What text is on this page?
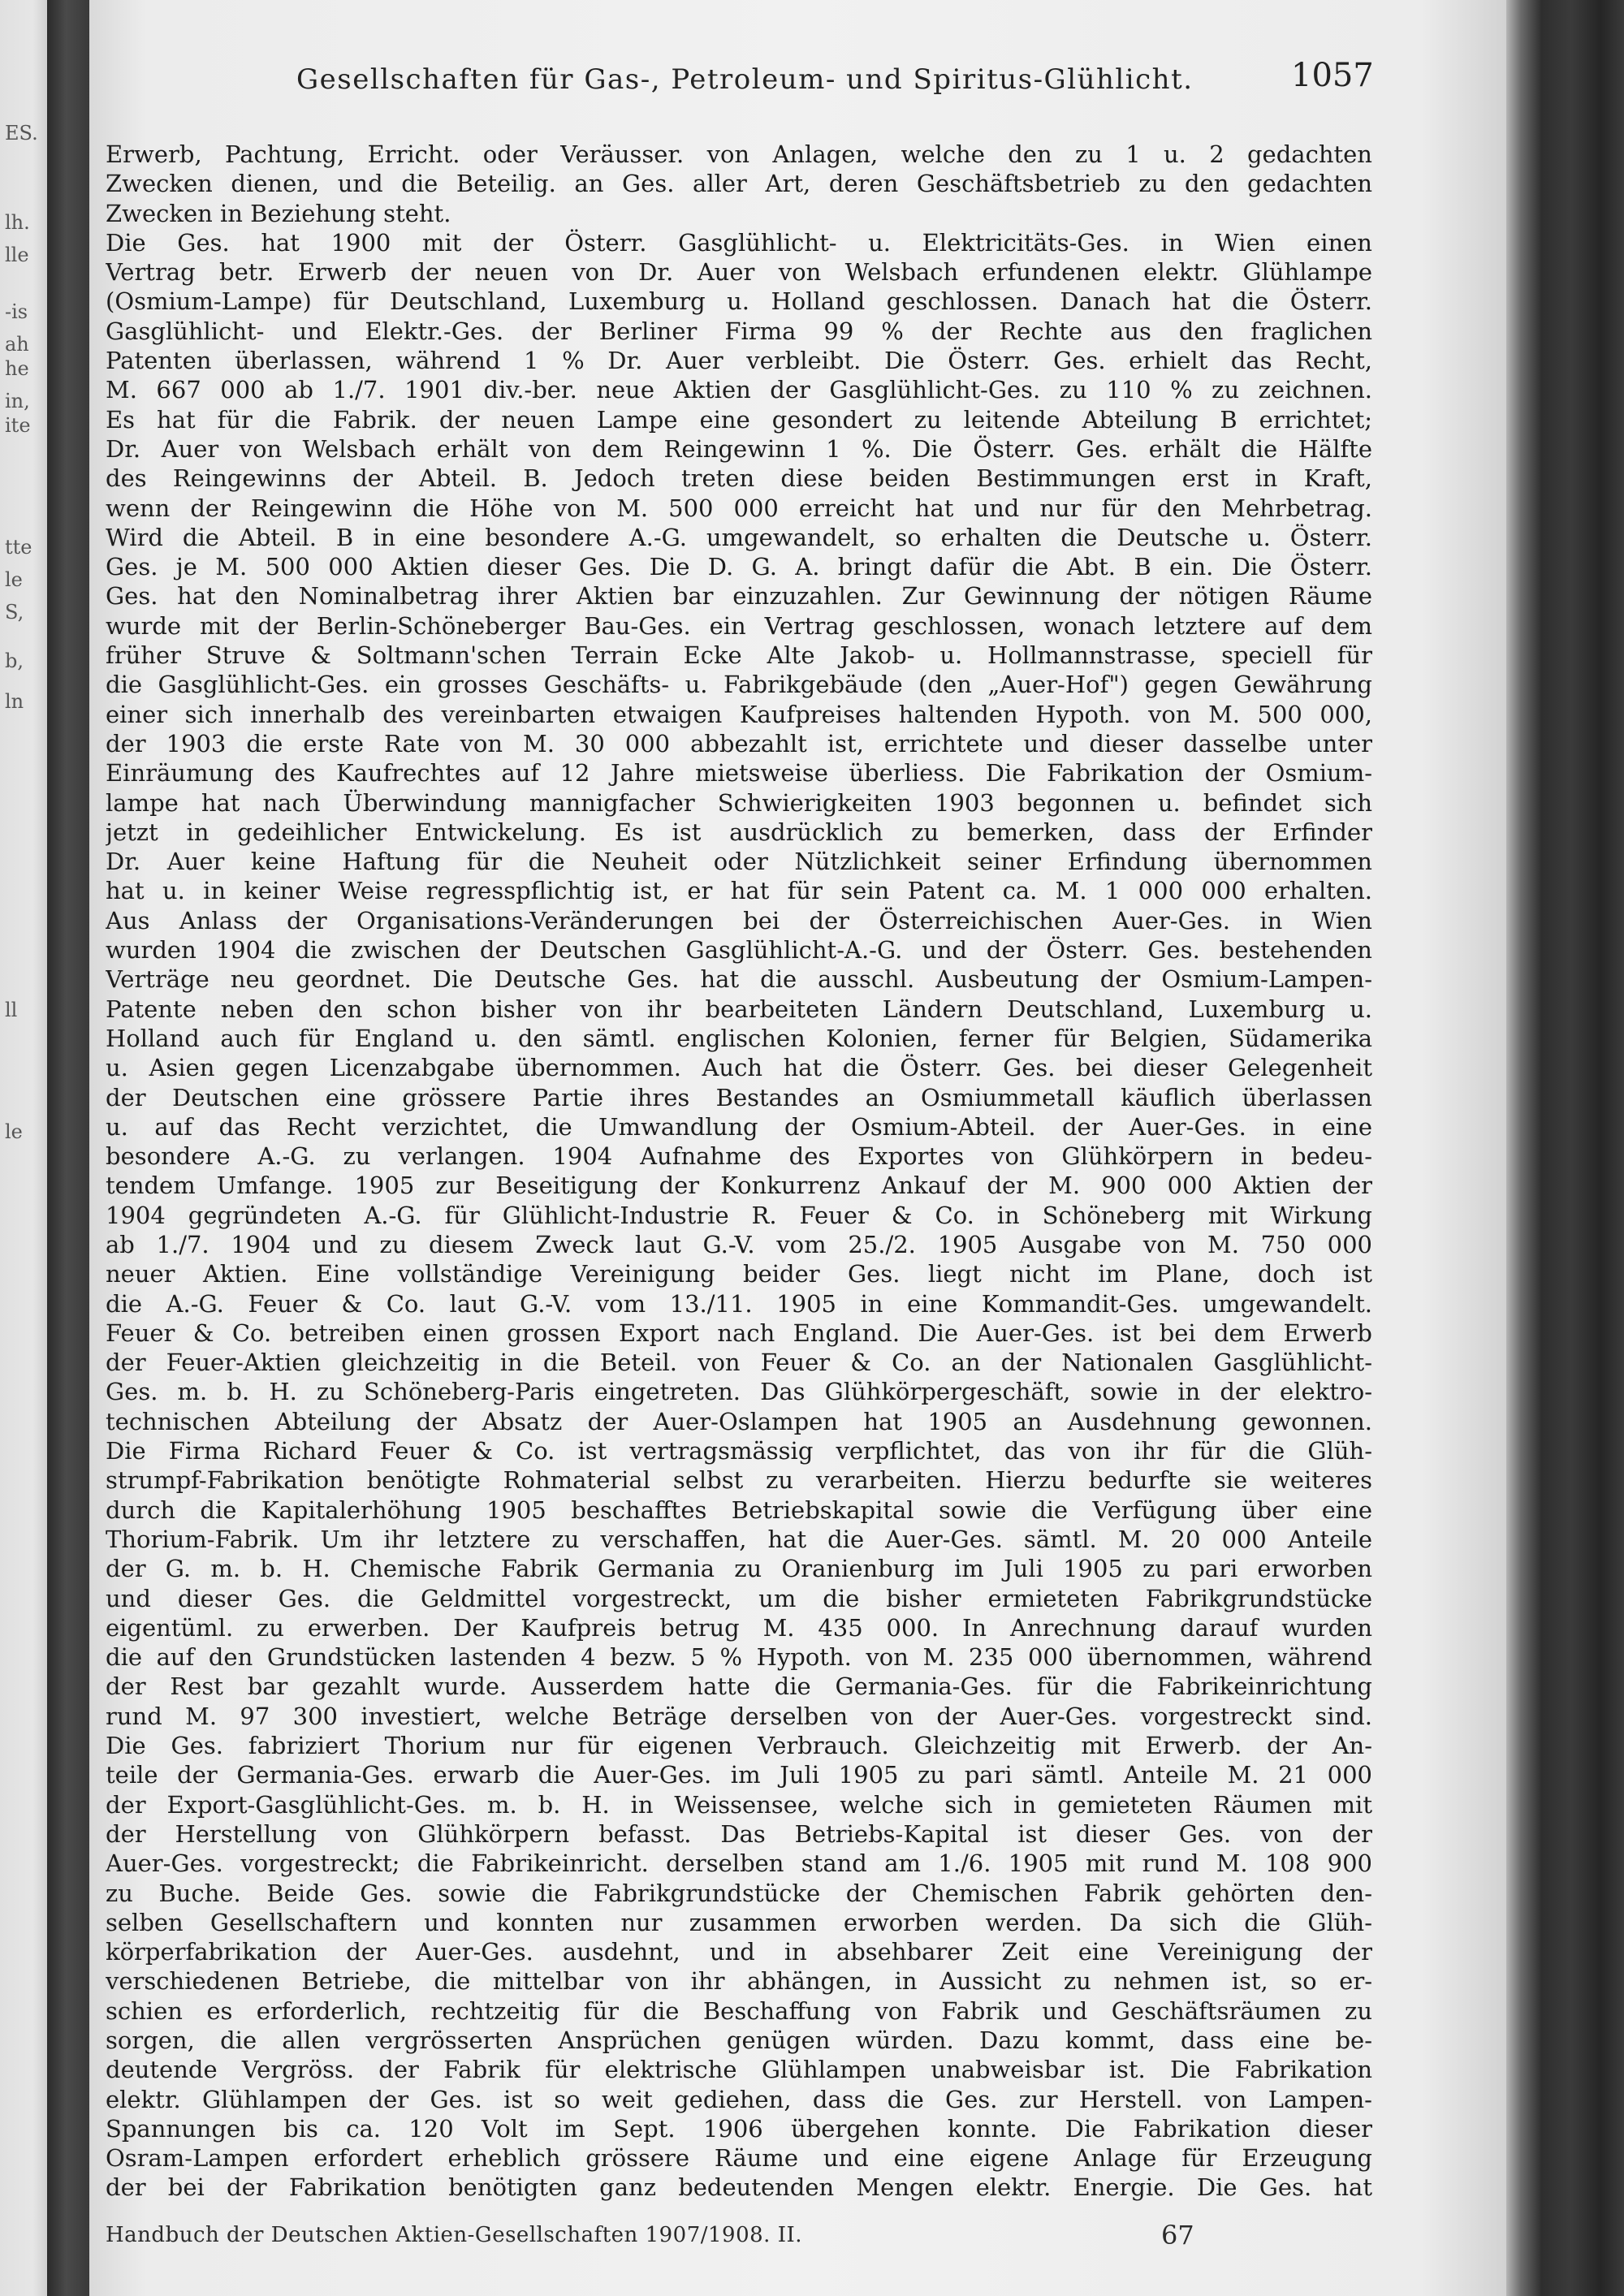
ES.
lh.
lle
-is
ah
he
in,
ite
tte
le
S,
b,
ln
ll
le
Gesellschaften für Gas-, Petroleum- und Spiritus-Glühlicht.	1057
Erwerb, Pachtung, Erricht. oder Veräusser. von Anlagen, welche den zu 1 u. 2 gedachten
Zwecken dienen, und die Beteilig. an Ges. aller Art, deren Geschäftsbetrieb zu den gedachten
Zwecken in Beziehung steht.
Die Ges. hat 1900 mit der Österr. Gasglühlicht- u. Elektricitäts-Ges. in Wien einen
Vertrag betr. Erwerb der neuen von Dr. Auer von Welsbach erfundenen elektr. Glühlampe
(Osmium-Lampe) für Deutschland, Luxemburg u. Holland geschlossen. Danach hat die Österr.
Gasglühlicht- und Elektr.-Ges. der Berliner Firma 99 % der Rechte aus den fraglichen
Patenten überlassen, während 1 % Dr. Auer verbleibt. Die Österr. Ges. erhielt das Recht,
M. 667 000 ab 1./7. 1901 div.-ber. neue Aktien der Gasglühlicht-Ges. zu 110 % zu zeichnen.
Es hat für die Fabrik. der neuen Lampe eine gesondert zu leitende Abteilung B errichtet;
Dr. Auer von Welsbach erhält von dem Reingewinn 1 %. Die Österr. Ges. erhält die Hälfte
des Reingewinns der Abteil. B. Jedoch treten diese beiden Bestimmungen erst in Kraft,
wenn der Reingewinn die Höhe von M. 500 000 erreicht hat und nur für den Mehrbetrag.
Wird die Abteil. B in eine besondere A.-G. umgewandelt, so erhalten die Deutsche u. Österr.
Ges. je M. 500 000 Aktien dieser Ges. Die D. G. A. bringt dafür die Abt. B ein. Die Österr.
Ges. hat den Nominalbetrag ihrer Aktien bar einzuzahlen. Zur Gewinnung der nötigen Räume
wurde mit der Berlin-Schöneberger Bau-Ges. ein Vertrag geschlossen, wonach letztere auf dem
früher Struve & Soltmann'schen Terrain Ecke Alte Jakob- u. Hollmannstrasse, speciell für
die Gasglühlicht-Ges. ein grosses Geschäfts- u. Fabrikgebäude (den „Auer-Hof") gegen Gewährung
einer sich innerhalb des vereinbarten etwaigen Kaufpreises haltenden Hypoth. von M. 500 000,
der 1903 die erste Rate von M. 30 000 abbezahlt ist, errichtete und dieser dasselbe unter
Einräumung des Kaufrechtes auf 12 Jahre mietsweise überliess. Die Fabrikation der Osmium-
lampe hat nach Überwindung mannigfacher Schwierigkeiten 1903 begonnen u. befindet sich
jetzt in gedeihlicher Entwickelung. Es ist ausdrücklich zu bemerken, dass der Erfinder
Dr. Auer keine Haftung für die Neuheit oder Nützlichkeit seiner Erfindung übernommen
hat u. in keiner Weise regresspflichtig ist, er hat für sein Patent ca. M. 1 000 000 erhalten.
Aus Anlass der Organisations-Veränderungen bei der Österreichischen Auer-Ges. in Wien
wurden 1904 die zwischen der Deutschen Gasglühlicht-A.-G. und der Österr. Ges. bestehenden
Verträge neu geordnet. Die Deutsche Ges. hat die ausschl. Ausbeutung der Osmium-Lampen-
Patente neben den schon bisher von ihr bearbeiteten Ländern Deutschland, Luxemburg u.
Holland auch für England u. den sämtl. englischen Kolonien, ferner für Belgien, Südamerika
u. Asien gegen Licenzabgabe übernommen. Auch hat die Österr. Ges. bei dieser Gelegenheit
der Deutschen eine grössere Partie ihres Bestandes an Osmiummetall käuflich überlassen
u. auf das Recht verzichtet, die Umwandlung der Osmium-Abteil. der Auer-Ges. in eine
besondere A.-G. zu verlangen. 1904 Aufnahme des Exportes von Glühkörpern in bedeu-
tendem Umfange. 1905 zur Beseitigung der Konkurrenz Ankauf der M. 900 000 Aktien der
1904 gegründeten A.-G. für Glühlicht-Industrie R. Feuer & Co. in Schöneberg mit Wirkung
ab 1./7. 1904 und zu diesem Zweck laut G.-V. vom 25./2. 1905 Ausgabe von M. 750 000
neuer Aktien. Eine vollständige Vereinigung beider Ges. liegt nicht im Plane, doch ist
die A.-G. Feuer & Co. laut G.-V. vom 13./11. 1905 in eine Kommandit-Ges. umgewandelt.
Feuer & Co. betreiben einen grossen Export nach England. Die Auer-Ges. ist bei dem Erwerb
der Feuer-Aktien gleichzeitig in die Beteil. von Feuer & Co. an der Nationalen Gasglühlicht-
Ges. m. b. H. zu Schöneberg-Paris eingetreten. Das Glühkörpergeschäft, sowie in der elektro-
technischen Abteilung der Absatz der Auer-Oslampen hat 1905 an Ausdehnung gewonnen.
Die Firma Richard Feuer & Co. ist vertragsmässig verpflichtet, das von ihr für die Glüh-
strumpf-Fabrikation benötigte Rohmaterial selbst zu verarbeiten. Hierzu bedurfte sie weiteres
durch die Kapitalerhöhung 1905 beschafftes Betriebskapital sowie die Verfügung über eine
Thorium-Fabrik. Um ihr letztere zu verschaffen, hat die Auer-Ges. sämtl. M. 20 000 Anteile
der G. m. b. H. Chemische Fabrik Germania zu Oranienburg im Juli 1905 zu pari erworben
und dieser Ges. die Geldmittel vorgestreckt, um die bisher ermieteten Fabrikgrundstücke
eigentüml. zu erwerben. Der Kaufpreis betrug M. 435 000. In Anrechnung darauf wurden
die auf den Grundstücken lastenden 4 bezw. 5 % Hypoth. von M. 235 000 übernommen, während
der Rest bar gezahlt wurde. Ausserdem hatte die Germania-Ges. für die Fabrikeinrichtung
rund M. 97 300 investiert, welche Beträge derselben von der Auer-Ges. vorgestreckt sind.
Die Ges. fabriziert Thorium nur für eigenen Verbrauch. Gleichzeitig mit Erwerb. der An-
teile der Germania-Ges. erwarb die Auer-Ges. im Juli 1905 zu pari sämtl. Anteile M. 21 000
der Export-Gasglühlicht-Ges. m. b. H. in Weissensee, welche sich in gemieteten Räumen mit
der Herstellung von Glühkörpern befasst. Das Betriebs-Kapital ist dieser Ges. von der
Auer-Ges. vorgestreckt; die Fabrikeinricht. derselben stand am 1./6. 1905 mit rund M. 108 900
zu Buche. Beide Ges. sowie die Fabrikgrundstücke der Chemischen Fabrik gehörten den-
selben Gesellschaftern und konnten nur zusammen erworben werden. Da sich die Glüh-
körperfabrikation der Auer-Ges. ausdehnt, und in absehbarer Zeit eine Vereinigung der
verschiedenen Betriebe, die mittelbar von ihr abhängen, in Aussicht zu nehmen ist, so er-
schien es erforderlich, rechtzeitig für die Beschaffung von Fabrik und Geschäftsräumen zu
sorgen, die allen vergrösserten Ansprüchen genügen würden. Dazu kommt, dass eine be-
deutende Vergröss. der Fabrik für elektrische Glühlampen unabweisbar ist. Die Fabrikation
elektr. Glühlampen der Ges. ist so weit gediehen, dass die Ges. zur Herstell. von Lampen-
Spannungen bis ca. 120 Volt im Sept. 1906 übergehen konnte. Die Fabrikation dieser
Osram-Lampen erfordert erheblich grössere Räume und eine eigene Anlage für Erzeugung
der bei der Fabrikation benötigten ganz bedeutenden Mengen elektr. Energie. Die Ges. hat
Handbuch der Deutschen Aktien-Gesellschaften 1907/1908. II.	67
